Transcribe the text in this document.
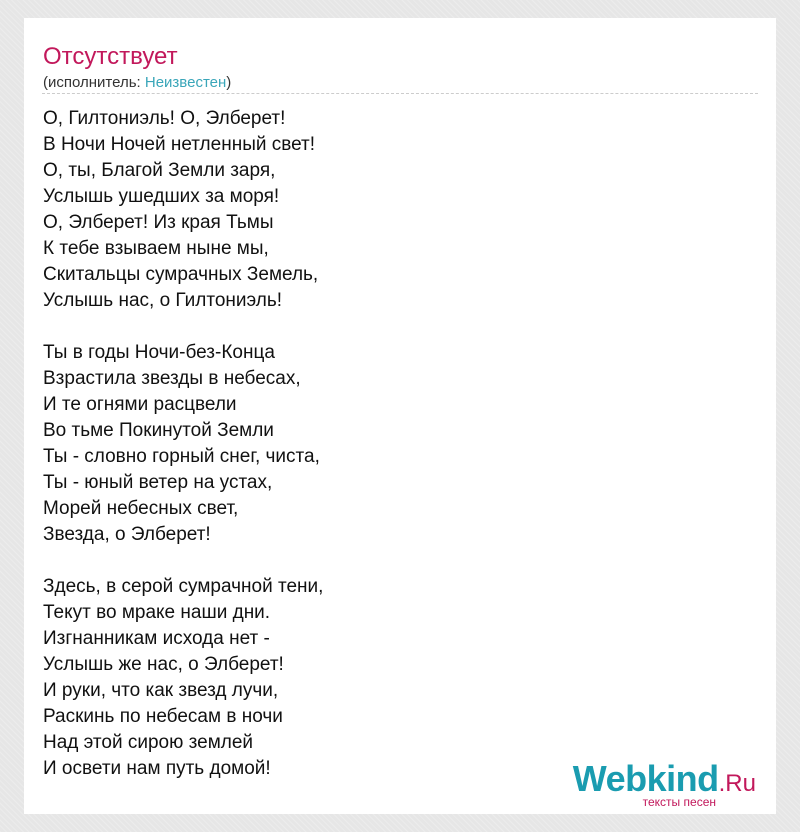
Отсутствует
(исполнитель: Неизвестен)
О, Гилтониэль! О, Элберет!
В Ночи Ночей нетленный свет!
О, ты, Благой Земли заря,
Услышь ушедших за моря!
О, Элберет! Из края Тьмы
К тебе взываем ныне мы,
Скитальцы сумрачных Земель,
Услышь нас, о Гилтониэль!
Ты в годы Ночи-без-Конца
Взрастила звезды в небесах,
И те огнями расцвели
Во тьме Покинутой Земли
Ты - словно горный снег, чиста,
Ты - юный ветер на устах,
Морей небесных свет,
Звезда, о Элберет!
Здесь, в серой сумрачной тени,
Текут во мраке наши дни.
Изгнанникам исхода нет -
Услышь же нас, о Элберет!
И руки, что как звезд лучи,
Раскинь по небесам в ночи
Над этой сирою землей
И освети нам путь домой!	Webkind.Ru
тексты песен
